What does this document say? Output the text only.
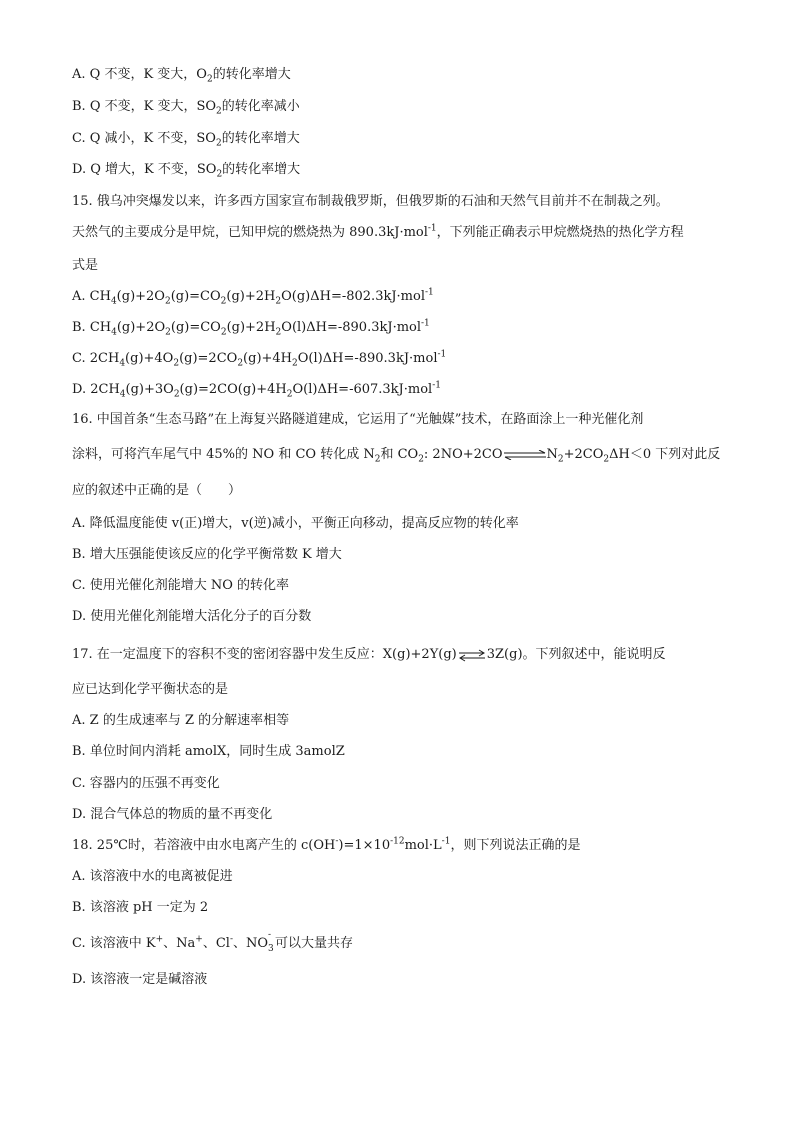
A. Q 不变，K 变大，$O_2$的转化率增大
B. Q 不变，K 变大，$SO_2$的转化率减小
C. Q 减小，K 不变，$SO_2$的转化率增大
D. Q 增大，K 不变，$SO_2$的转化率增大
15. 俄乌冲突爆发以来，许多西方国家宣布制裁俄罗斯，但俄罗斯的石油和天然气目前并不在制裁之列。
天然气的主要成分是甲烷，已知甲烷的燃烧热为 890.3kJ·mol$^{-1}$，下列能正确表示甲烷燃烧热的热化学方程
式是
A. $CH_4(g)+2O_2(g)=CO_2(g)+2H_2O(g)\Delta H=-802.3kJ\cdot mol^{-1}$
B. $CH_4(g)+2O_2(g)=CO_2(g)+2H_2O(l)\Delta H=-890.3kJ\cdot mol^{-1}$
C. $2CH_4(g)+4O_2(g)=2CO_2(g)+4H_2O(l)\Delta H=-890.3kJ\cdot mol^{-1}$
D. $2CH_4(g)+3O_2(g)=2CO(g)+4H_2O(l)\Delta H=-607.3kJ\cdot mol^{-1}$
16. 中国首条“生态马路”在上海复兴路隧道建成，它运用了“光触媒”技术，在路面涂上一种光催化剂
涂料，可将汽车尾气中 45%的 NO 和 CO 转化成 $N_2$和 $CO_2$: $2NO+2CO\rightleftharpoons N_2+2CO_2\Delta H<0$ 下列对此反
应的叙述中正确的是（　　）
A. 降低温度能使 v(正)增大，v(逆)减小，平衡正向移动，提高反应物的转化率
B. 增大压强能使该反应的化学平衡常数 K 增大
C. 使用光催化剂能增大 NO 的转化率
D. 使用光催化剂能增大活化分子的百分数
17. 在一定温度下的容积不变的密闭容器中发生反应：X(g)+2Y(g)⇌3Z(g)。下列叙述中，能说明反
应已达到化学平衡状态的是
A. Z 的生成速率与 Z 的分解速率相等
B. 单位时间内消耗 amolX，同时生成 3amolZ
C. 容器内的压强不再变化
D. 混合气体总的物质的量不再变化
18. 25℃时，若溶液中由水电离产生的 $c(OH^-)=1\times 10^{-12}mol\cdot L^{-1}$，则下列说法正确的是
A. 该溶液中水的电离被促进
B. 该溶液 pH 一定为 2
C. 该溶液中 K+、Na+、Cl-、NO
-
3 可以大量共存
D. 该溶液一定是碱溶液
